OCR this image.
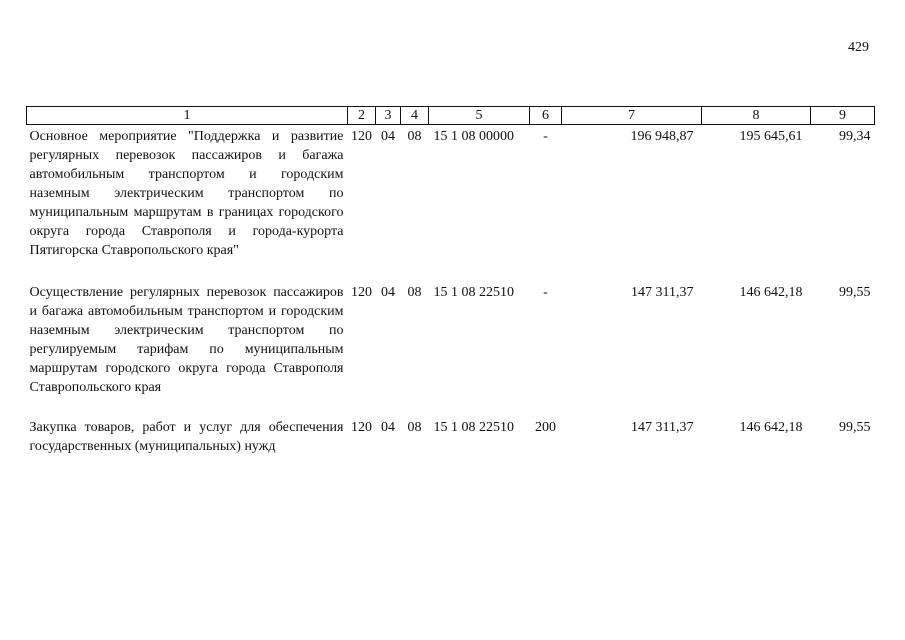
429
1	2	3	4	5	6	7	8	9
Основное мероприятие "Поддержка и развитие регулярных перевозок пассажиров и багажа автомобильным транспортом и городским наземным электрическим транспортом по муниципальным маршрутам в границах городского округа города Ставрополя и города-курорта Пятигорска Ставропольского края"	120	04	08	15 1 08 00000	-	196 948,87	195 645,61	99,34
Осуществление регулярных перевозок пассажиров и багажа автомобильным транспортом и городским наземным электрическим транспортом по регулируемым тарифам по муниципальным маршрутам городского округа города Ставрополя Ставропольского края	120	04	08	15 1 08 22510	-	147 311,37	146 642,18	99,55
Закупка товаров, работ и услуг для обеспечения государственных (муниципальных) нужд	120	04	08	15 1 08 22510	200	147 311,37	146 642,18	99,55
